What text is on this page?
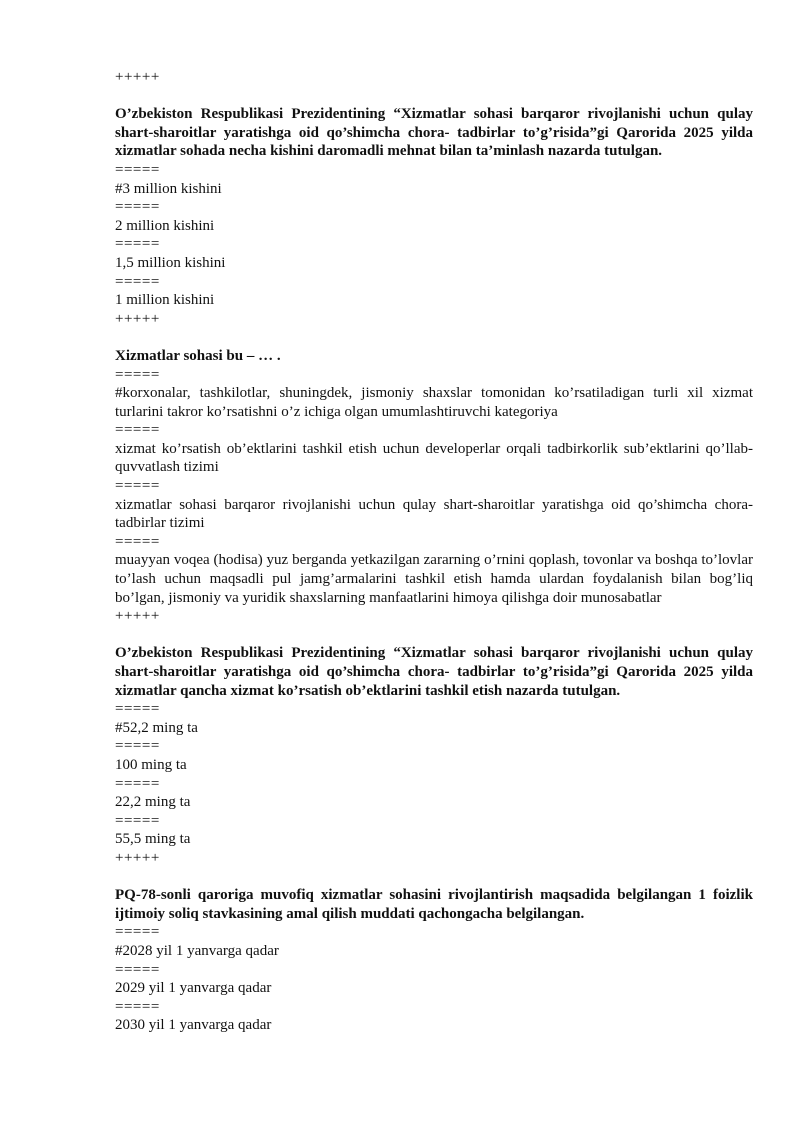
+++++
O’zbekiston Respublikasi Prezidentining “Xizmatlar sohasi barqaror rivojlanishi uchun qulay shart-sharoitlar yaratishga oid qo’shimcha chora- tadbirlar to’g’risida”gi Qarorida 2025 yilda xizmatlar sohada necha kishini daromadli mehnat bilan ta’minlash nazarda tutulgan.
=====
#3 million kishini
=====
2 million kishini
=====
1,5 million kishini
=====
1 million kishini
+++++
Xizmatlar sohasi bu – … .
=====
#korxonalar, tashkilotlar, shuningdek, jismoniy shaxslar tomonidan ko’rsatiladigan turli xil xizmat turlarini takror ko’rsatishni o’z ichiga olgan umumlashtiruvchi kategoriya
=====
xizmat ko’rsatish ob’ektlarini tashkil etish uchun developerlar orqali tadbirkorlik sub’ektlarini qo’llab-quvvatlash tizimi
=====
xizmatlar sohasi barqaror rivojlanishi uchun qulay shart-sharoitlar yaratishga oid qo’shimcha chora-tadbirlar tizimi
=====
muayyan voqea (hodisa) yuz berganda yetkazilgan zararning o’rnini qoplash, tovonlar va boshqa to’lovlar to’lash uchun maqsadli pul jamg’armalarini tashkil etish hamda ulardan foydalanish bilan bog’liq bo’lgan, jismoniy va yuridik shaxslarning manfaatlarini himoya qilishga doir munosabatlar
+++++
O’zbekiston Respublikasi Prezidentining “Xizmatlar sohasi barqaror rivojlanishi uchun qulay shart-sharoitlar yaratishga oid qo’shimcha chora- tadbirlar to’g’risida”gi Qarorida 2025 yilda xizmatlar qancha xizmat ko’rsatish ob’ektlarini tashkil etish nazarda tutulgan.
=====
#52,2 ming ta
=====
100 ming ta
=====
22,2 ming ta
=====
55,5 ming ta
+++++
PQ-78-sonli qaroriga muvofiq xizmatlar sohasini rivojlantirish maqsadida belgilangan 1 foizlik ijtimoiy soliq stavkasining amal qilish muddati qachongacha belgilangan.
=====
#2028 yil 1 yanvarga qadar
=====
2029 yil 1 yanvarga qadar
=====
2030 yil 1 yanvarga qadar
